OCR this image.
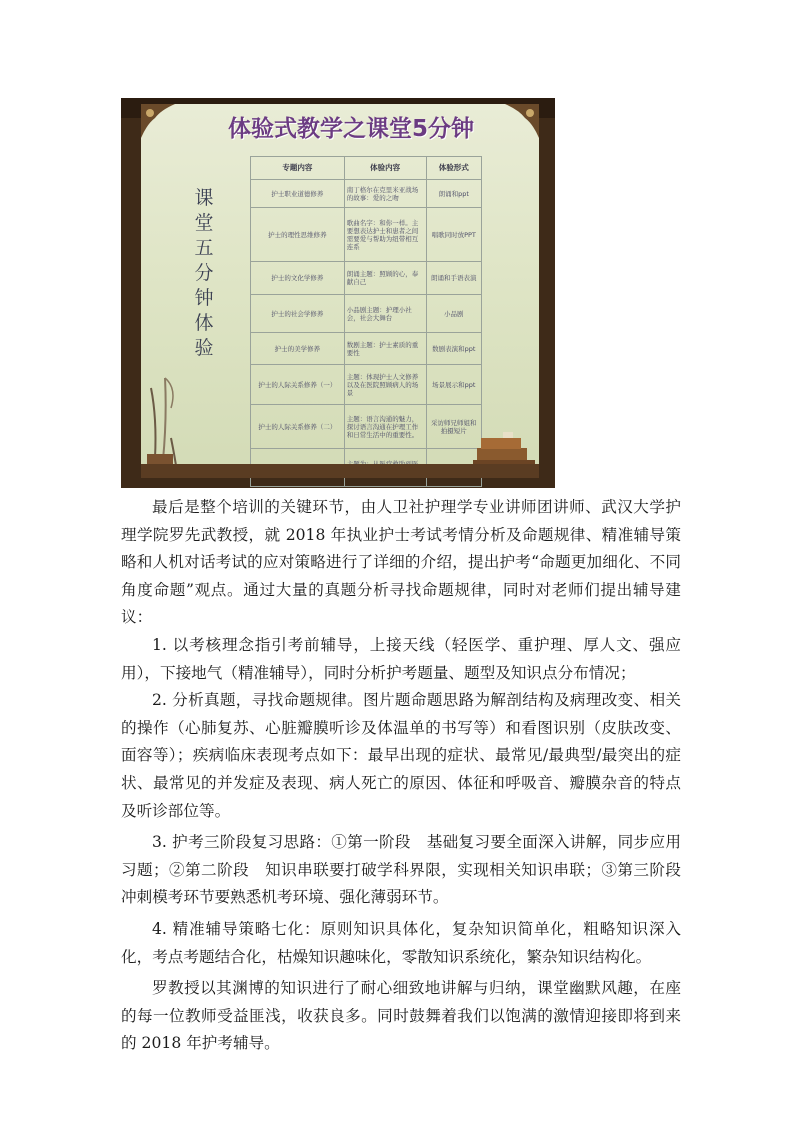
体验式教学之课堂5分钟
课
堂
五
分
钟
体
验
专题内容	体验内容	体验形式
护士职业道德修养	南丁格尔在克里米亚战场的故事：爱的之吻	朗诵和ppt
护士的理性思维修养	歌曲名字：和你一样。主要想表达护士和患者之间需要爱与帮助为纽带相互连系	唱歌同时放PPT
护士的文化学修养	朗诵主题：照顾的心，奉献自己	朗诵和手语表演
护士的社会学修养	小品剧主题：护理小社会，社会大舞台	小品剧
护士的美学修养	数剧主题：护士素质的重要性	数剧表演和ppt
护士的人际关系修养（一）	主题：体现护士人文修养以及在医院照顾病人的场景	场景展示和ppt
护士的人际关系修养（二）	主题：语言沟通的魅力，探讨语言沟通在护理工作和日常生活中的重要性。	采访师兄师姐和拍摄短片

最后是整个培训的关键环节，由人卫社护理学专业讲师团讲师、武汉大学护理学院罗先武教授，就 2018 年执业护士考试考情分析及命题规律、精准辅导策略和人机对话考试的应对策略进行了详细的介绍，提出护考“命题更加细化、不同角度命题”观点。通过大量的真题分析寻找命题规律，同时对老师们提出辅导建议：

1. 以考核理念指引考前辅导，上接天线（轻医学、重护理、厚人文、强应用），下接地气（精准辅导），同时分析护考题量、题型及知识点分布情况；

2. 分析真题，寻找命题规律。图片题命题思路为解剖结构及病理改变、相关的操作（心肺复苏、心脏瓣膜听诊及体温单的书写等）和看图识别（皮肤改变、面容等）；疾病临床表现考点如下：最早出现的症状、最常见/最典型/最突出的症状、最常见的并发症及表现、病人死亡的原因、体征和呼吸音、瓣膜杂音的特点及听诊部位等。

3. 护考三阶段复习思路：①第一阶段　基础复习要全面深入讲解，同步应用习题；②第二阶段　知识串联要打破学科界限，实现相关知识串联；③第三阶段　冲刺模考环节要熟悉机考环境、强化薄弱环节。

4. 精准辅导策略七化：原则知识具体化，复杂知识简单化，粗略知识深入化，考点考题结合化，枯燥知识趣味化，零散知识系统化，繁杂知识结构化。

罗教授以其渊博的知识进行了耐心细致地讲解与归纳，课堂幽默风趣，在座的每一位教师受益匪浅，收获良多。同时鼓舞着我们以饱满的激情迎接即将到来的 2018 年护考辅导。
